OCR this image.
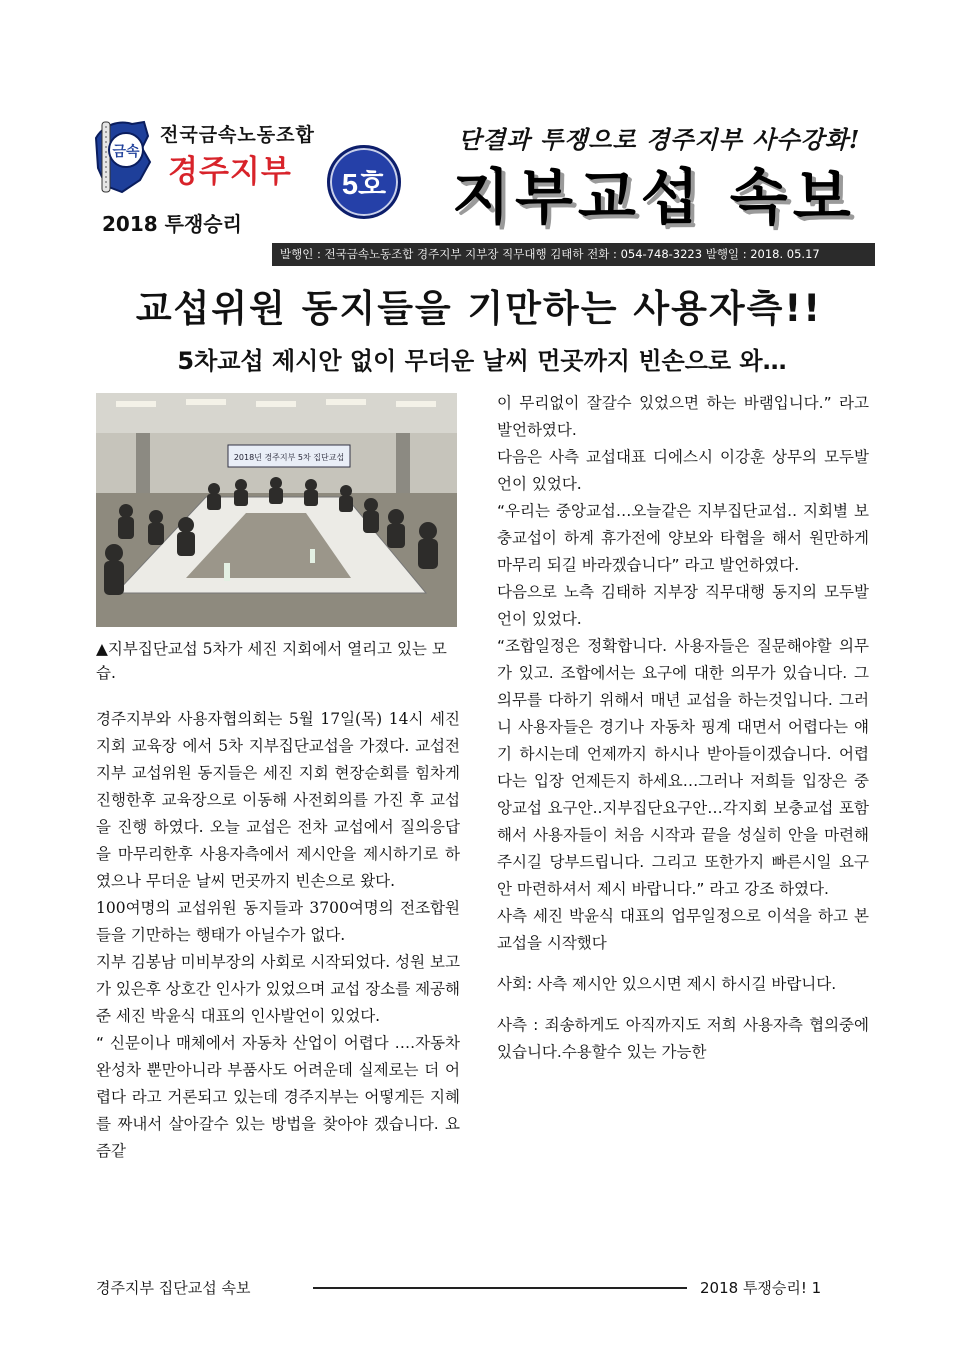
금속
전국금속노동조합
경주지부
2018 투쟁승리
5호
단결과 투쟁으로 경주지부 사수강화!
지부교섭 속보
발행인 : 전국금속노동조합 경주지부 지부장 직무대행 김태하 전화 : 054-748-3223 발행일 : 2018. 05.17
교섭위원 동지들을 기만하는 사용자측!!
5차교섭 제시안 없이 무더운 날씨 먼곳까지 빈손으로 와…
2018년 경주지부 5차 집단교섭
▲지부집단교섭 5차가 세진 지회에서 열리고 있는 모습.

경주지부와 사용자협의회는 5월 17일(목) 14시 세진 지회 교육장 에서 5차 지부집단교섭을 가졌다. 교섭전 지부 교섭위원 동지들은 세진 지회 현장순회를 힘차게 진행한후 교육장으로 이동해 사전회의를 가진 후 교섭을 진행 하였다. 오늘 교섭은 전차 교섭에서 질의응답을 마무리한후 사용자측에서 제시안을 제시하기로 하였으나 무더운 날씨 먼곳까지 빈손으로 왔다.

100여명의 교섭위원 동지들과 3700여명의 전조합원들을 기만하는 행태가 아닐수가 없다.

지부 김봉남 미비부장의 사회로 시작되었다. 성원 보고가 있은후 상호간 인사가 있었으며 교섭 장소를 제공해준 세진 박윤식 대표의 인사발언이 있었다.

“ 신문이나 매체에서 자동차 산업이 어렵다 ….자동차 완성차 뿐만아니라 부품사도 어려운데 실제로는 더 어렵다 라고 거론되고 있는데 경주지부는 어떻게든 지혜를 짜내서 살아갈수 있는 방법을 찾아야 겠습니다. 요즘같

이 무리없이 잘갈수 있었으면 하는 바램입니다.” 라고 발언하였다.

다음은 사측 교섭대표 디에스시 이강훈 상무의 모두발언이 있었다.

“우리는 중앙교섭…오늘같은 지부집단교섭.. 지회별 보충교섭이 하계 휴가전에 양보와 타협을 해서 원만하게 마무리 되길 바라겠습니다” 라고 발언하였다.

다음으로 노측 김태하 지부장 직무대행 동지의 모두발언이 있었다.

“조합일정은 정확합니다. 사용자들은 질문해야할 의무가 있고. 조합에서는 요구에 대한 의무가 있습니다. 그 의무를 다하기 위해서 매년 교섭을 하는것입니다. 그러니 사용자들은 경기나 자동차 핑계 대면서 어렵다는 얘기 하시는데 언제까지 하시나 받아들이겠습니다. 어렵다는 입장 언제든지 하세요…그러나 저희들 입장은 중앙교섭 요구안..지부집단요구안…각지회 보충교섭 포함해서 사용자들이 처음 시작과 끝을 성실히 안을 마련해주시길 당부드립니다. 그리고 또한가지 빠른시일 요구안 마련하셔서 제시 바랍니다.” 라고 강조 하였다.

사측 세진 박윤식 대표의 업무일정으로 이석을 하고 본교섭을 시작했다

사회: 사측 제시안 있으시면 제시 하시길 바랍니다.

사측 : 죄송하게도 아직까지도 저희 사용자측 협의중에 있습니다.수용할수 있는 가능한

경주지부 집단교섭 속보	2018 투쟁승리! 1
